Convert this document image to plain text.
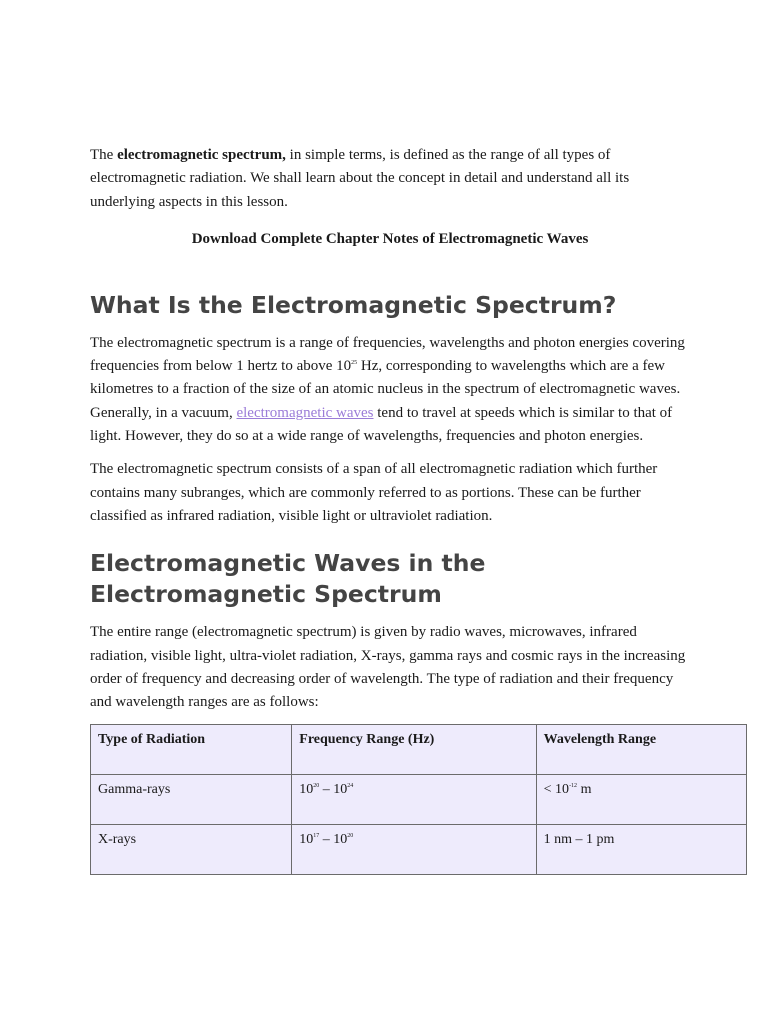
The electromagnetic spectrum, in simple terms, is defined as the range of all types of electromagnetic radiation. We shall learn about the concept in detail and understand all its underlying aspects in this lesson.

Download Complete Chapter Notes of Electromagnetic Waves

What Is the Electromagnetic Spectrum?

The electromagnetic spectrum is a range of frequencies, wavelengths and photon energies covering frequencies from below 1 hertz to above $10^{25}$ Hz, corresponding to wavelengths which are a few kilometres to a fraction of the size of an atomic nucleus in the spectrum of electromagnetic waves. Generally, in a vacuum, electromagnetic waves tend to travel at speeds which is similar to that of light. However, they do so at a wide range of wavelengths, frequencies and photon energies.

The electromagnetic spectrum consists of a span of all electromagnetic radiation which further contains many subranges, which are commonly referred to as portions. These can be further classified as infrared radiation, visible light or ultraviolet radiation.

Electromagnetic Waves in the
Electromagnetic Spectrum

The entire range (electromagnetic spectrum) is given by radio waves, microwaves, infrared radiation, visible light, ultra-violet radiation, X-rays, gamma rays and cosmic rays in the increasing order of frequency and decreasing order of wavelength. The type of radiation and their frequency and wavelength ranges are as follows:

Type of Radiation	Frequency Range (Hz)	Wavelength Range
Gamma-rays	$10^{20} - 10^{24}$	< $10^{-12}$ m
X-rays	$10^{17} - 10^{20}$	1 nm – 1 pm
